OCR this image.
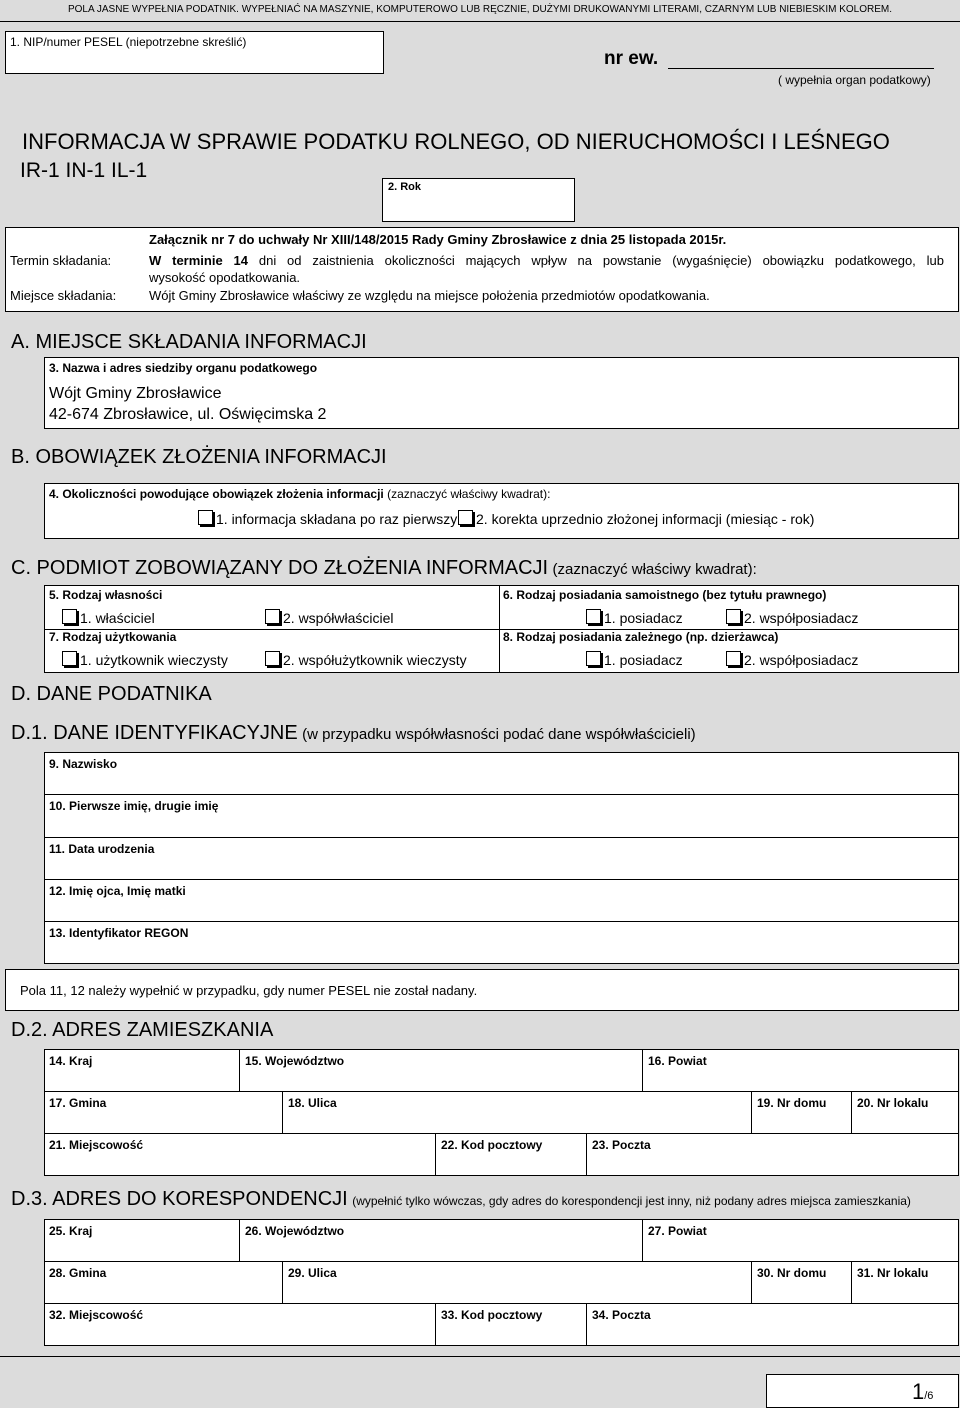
POLA JASNE WYPEŁNIA PODATNIK. WYPEŁNIAĆ NA MASZYNIE, KOMPUTEROWO LUB RĘCZNIE, DUŻYMI DRUKOWANYMI LITERAMI, CZARNYM LUB NIEBIESKIM KOLOREM.
1. NIP/numer PESEL (niepotrzebne skreślić)
nr ew.
( wypełnia organ podatkowy)
INFORMACJA W SPRAWIE PODATKU ROLNEGO, OD NIERUCHOMOŚCI I LEŚNEGO
IR-1 IN-1 IL-1
2. Rok
Załącznik nr 7 do uchwały Nr XIII/148/2015 Rady Gminy Zbrosławice z dnia 25 listopada 2015r.
Termin składania:	W terminie 14 dni od zaistnienia okoliczności mających wpływ na powstanie (wygaśnięcie) obowiązku podatkowego, lub
wysokość opodatkowania.
Miejsce składania:	Wójt Gminy Zbrosławice właściwy ze względu na miejsce położenia przedmiotów opodatkowania.
A. MIEJSCE SKŁADANIA INFORMACJI
3. Nazwa i adres siedziby organu podatkowego
Wójt Gminy Zbrosławice
42-674 Zbrosławice, ul. Oświęcimska 2
B. OBOWIĄZEK ZŁOŻENIA INFORMACJI
4. Okoliczności powodujące obowiązek złożenia informacji (zaznaczyć właściwy kwadrat):
1. informacja składana po raz pierwszy	2. korekta uprzednio złożonej informacji (miesiąc - rok)
C. PODMIOT ZOBOWIĄZANY DO ZŁOŻENIA INFORMACJI (zaznaczyć właściwy kwadrat):
5. Rodzaj własności
1. właściciel	2. współwłaściciel
6. Rodzaj posiadania samoistnego (bez tytułu prawnego)
1. posiadacz	2. współposiadacz
7. Rodzaj użytkowania
1. użytkownik wieczysty	2. współużytkownik wieczysty
8. Rodzaj posiadania zależnego (np. dzierżawca)
1. posiadacz	2. współposiadacz
D. DANE PODATNIKA
D.1. DANE IDENTYFIKACYJNE (w przypadku współwłasności podać dane współwłaścicieli)
9. Nazwisko
10. Pierwsze imię, drugie imię
11. Data urodzenia
12. Imię ojca, Imię matki
13. Identyfikator REGON
Pola 11, 12 należy wypełnić w przypadku, gdy numer PESEL nie został nadany.
D.2. ADRES ZAMIESZKANIA
14. Kraj	15. Województwo	16. Powiat
17. Gmina	18. Ulica	19. Nr domu	20. Nr lokalu
21. Miejscowość	22. Kod pocztowy	23. Poczta
D.3. ADRES DO KORESPONDENCJI (wypełnić tylko wówczas, gdy adres do korespondencji jest inny, niż podany adres miejsca zamieszkania)
25. Kraj	26. Województwo	27. Powiat
28. Gmina	29. Ulica	30. Nr domu	31. Nr lokalu
32. Miejscowość	33. Kod pocztowy	34. Poczta
1/6
